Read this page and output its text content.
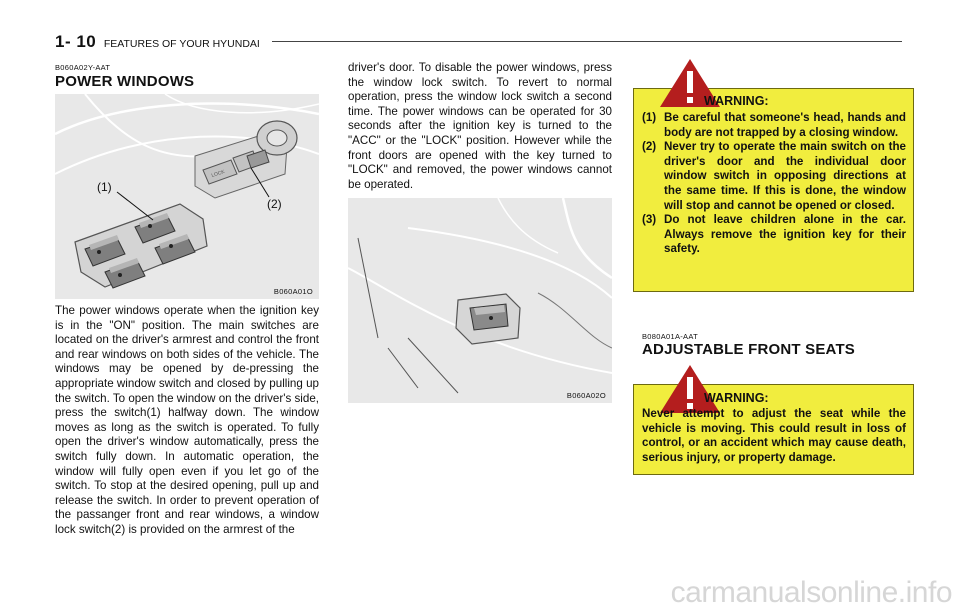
1- 10 FEATURES OF YOUR HYUNDAI
B060A02Y-AAT
POWER WINDOWS
LOCK
(1)
(2)
B060A01O
The power windows operate when the ignition key is in the "ON" position. The main switches are located on the driver's armrest and control the front and rear windows on both sides of the vehicle. The windows may be opened by de-pressing the appropriate window switch and closed by pulling up the switch. To open the window on the driver's side, press the switch(1) halfway down. The window moves as long as the switch is operated. To fully open the driver's window automatically, press the switch fully down. In automatic operation, the window will fully open even if you let go of the switch. To stop at the desired opening, pull up and release the switch. In order to prevent operation of the passanger front and rear windows, a window lock switch(2) is provided on the armrest of the
driver's door. To disable the power windows, press the window lock switch. To revert to normal operation, press the window lock switch a second time. The power windows can be operated for 30 seconds after the ignition key is turned to the "ACC" or the "LOCK" position. However while the front doors are opened with the key turned to "LOCK" and removed, the power windows cannot be operated.
B060A02O
WARNING:
(1) Be careful that someone's head, hands and body are not trapped by a closing window.
(2) Never try to operate the main switch on the driver's door and the individual door window switch in opposing directions at the same time. If this is done, the window will stop and cannot be opened or closed.
(3) Do not leave children alone in the car. Always remove the ignition key for their safety.
B080A01A-AAT
ADJUSTABLE FRONT SEATS
WARNING:
Never attempt to adjust the seat while the vehicle is moving. This could result in loss of control, or an accident which may cause death, serious injury, or property damage.
carmanualsonline.info
